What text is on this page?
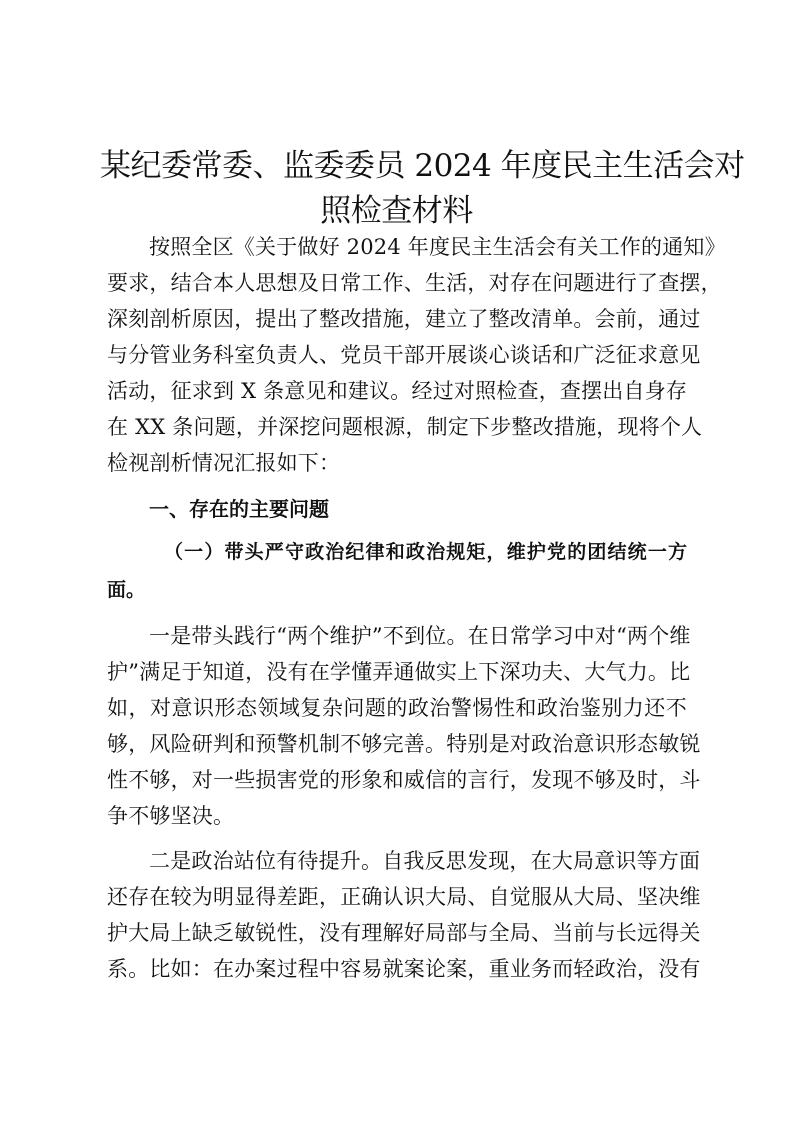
某纪委常委、监委委员 2024 年度民主生活会对
照检查材料

按照全区《关于做好 2024 年度民主生活会有关工作的通知》

要求，结合本人思想及日常工作、生活，对存在问题进行了查摆，

深刻剖析原因，提出了整改措施，建立了整改清单。会前，通过

与分管业务科室负责人、党员干部开展谈心谈话和广泛征求意见

活动，征求到 X 条意见和建议。经过对照检查，查摆出自身存

在 XX 条问题，并深挖问题根源，制定下步整改措施，现将个人

检视剖析情况汇报如下：

一、存在的主要问题
（一）带头严守政治纪律和政治规矩，维护党的团结统一方
面。

一是带头践行“两个维护”不到位。在日常学习中对“两个维

护”满足于知道，没有在学懂弄通做实上下深功夫、大气力。比

如，对意识形态领域复杂问题的政治警惕性和政治鉴别力还不

够，风险研判和预警机制不够完善。特别是对政治意识形态敏锐

性不够，对一些损害党的形象和威信的言行，发现不够及时，斗

争不够坚决。

二是政治站位有待提升。自我反思发现，在大局意识等方面

还存在较为明显得差距，正确认识大局、自觉服从大局、坚决维

护大局上缺乏敏锐性，没有理解好局部与全局、当前与长远得关

系。比如：在办案过程中容易就案论案，重业务而轻政治，没有
